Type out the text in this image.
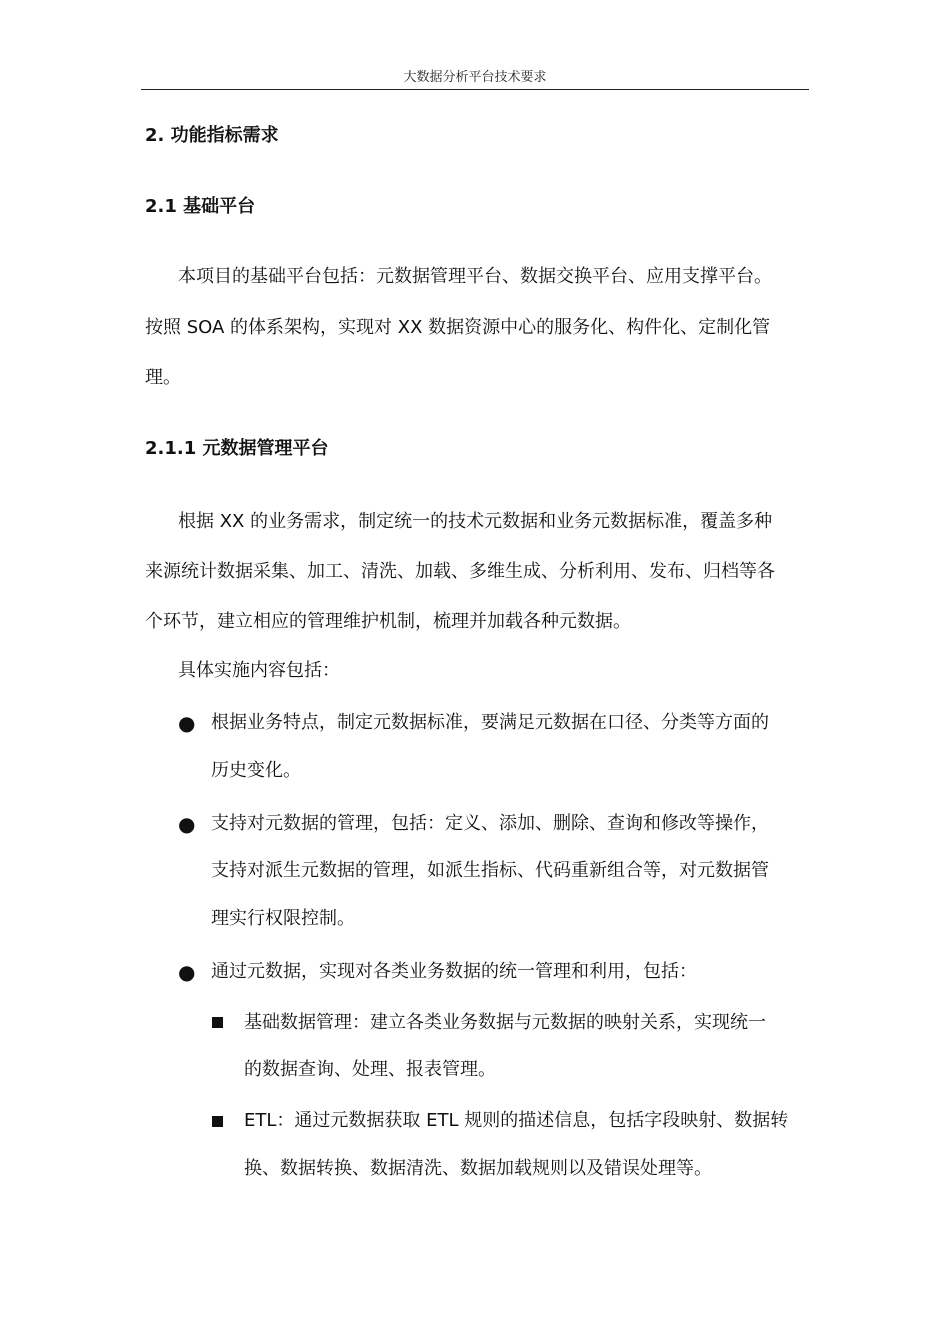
大数据分析平台技术要求
2. 功能指标需求
2.1 基础平台
本项目的基础平台包括：元数据管理平台、数据交换平台、应用支撑平台。
按照 SOA 的体系架构，实现对 XX 数据资源中心的服务化、构件化、定制化管
理。
2.1.1 元数据管理平台
根据 XX 的业务需求，制定统一的技术元数据和业务元数据标准，覆盖多种
来源统计数据采集、加工、清洗、加载、多维生成、分析利用、发布、归档等各
个环节，建立相应的管理维护机制，梳理并加载各种元数据。
具体实施内容包括：
● 根据业务特点，制定元数据标准，要满足元数据在口径、分类等方面的
历史变化。
● 支持对元数据的管理，包括：定义、添加、删除、查询和修改等操作，
支持对派生元数据的管理，如派生指标、代码重新组合等，对元数据管
理实行权限控制。
● 通过元数据，实现对各类业务数据的统一管理和利用，包括：
基础数据管理：建立各类业务数据与元数据的映射关系，实现统一
的数据查询、处理、报表管理。
ETL：通过元数据获取 ETL 规则的描述信息，包括字段映射、数据转
换、数据转换、数据清洗、数据加载规则以及错误处理等。
